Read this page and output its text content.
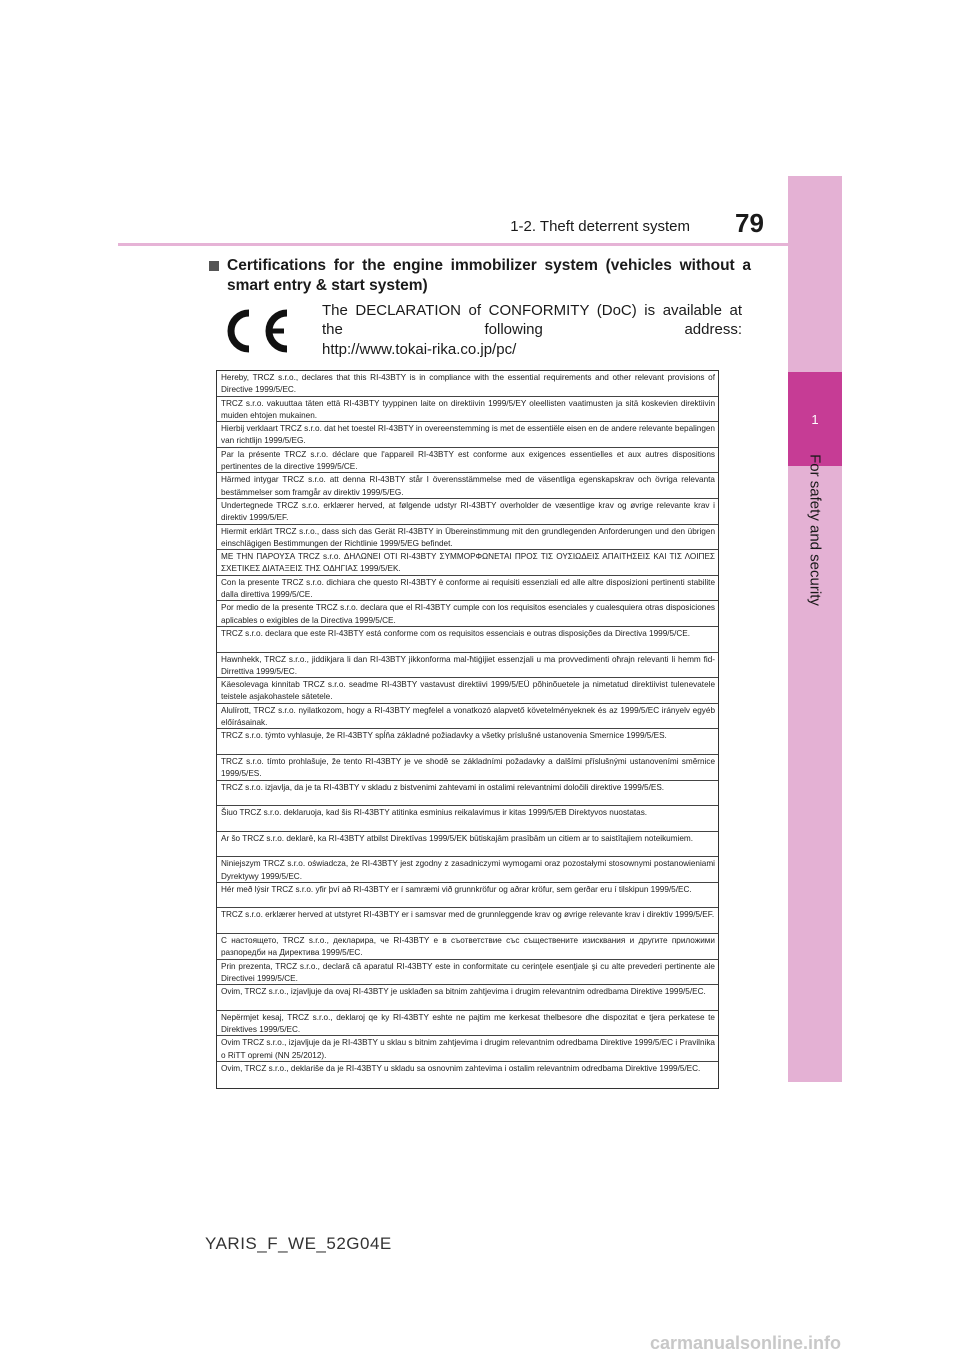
1-2. Theft deterrent system 79
1
For safety and security
Certifications for the engine immobilizer system (vehicles without a smart entry & start system)
The DECLARATION of CONFORMITY (DoC) is available at the following address:
http://www.tokai-rika.co.jp/pc/
Hereby, TRCZ s.r.o., declares that this RI-43BTY is in compliance with the essential requirements and other relevant provisions of Directive 1999/5/EC.
TRCZ s.r.o. vakuuttaa täten että RI-43BTY tyyppinen laite on direktiivin 1999/5/EY oleellisten vaatimusten ja sitä koskevien direktiivin muiden ehtojen mukainen.
Hierbij verklaart TRCZ s.r.o. dat het toestel RI-43BTY in overeenstemming is met de essentiële eisen en de andere relevante bepalingen van richtlijn 1999/5/EG.
Par la présente TRCZ s.r.o. déclare que l'appareil RI-43BTY est conforme aux exigences essentielles et aux autres dispositions pertinentes de la directive 1999/5/CE.
Härmed intygar TRCZ s.r.o. att denna RI-43BTY står I överensstämmelse med de väsentliga egenskapskrav och övriga relevanta bestämmelser som framgår av direktiv 1999/5/EG.
Undertegnede TRCZ s.r.o. erklærer herved, at følgende udstyr RI-43BTY overholder de væsentlige krav og øvrige relevante krav i direktiv 1999/5/EF.
Hiermit erklärt TRCZ s.r.o., dass sich das Gerät RI-43BTY in Übereinstimmung mit den grundlegenden Anforderungen und den übrigen einschlägigen Bestimmungen der Richtlinie 1999/5/EG befindet.
ΜΕ ΤΗΝ ΠΑΡΟΥΣΑ TRCZ s.r.o. ΔΗΛΩΝΕΙ ΟΤΙ RI-43BTY ΣΥΜΜΟΡΦΩΝΕΤΑΙ ΠΡΟΣ ΤΙΣ ΟΥΣΙΩΔΕΙΣ ΑΠΑΙΤΗΣΕΙΣ ΚΑΙ ΤΙΣ ΛΟΙΠΕΣ ΣΧΕΤΙΚΕΣ ΔΙΑΤΑΞΕΙΣ ΤΗΣ ΟΔΗΓΙΑΣ 1999/5/ΕΚ.
Con la presente TRCZ s.r.o. dichiara che questo RI-43BTY è conforme ai requisiti essenziali ed alle altre disposizioni pertinenti stabilite dalla direttiva 1999/5/CE.
Por medio de la presente TRCZ s.r.o. declara que el RI-43BTY cumple con los requisitos esenciales y cualesquiera otras disposiciones aplicables o exigibles de la Directiva 1999/5/CE.
TRCZ s.r.o. declara que este RI-43BTY está conforme com os requisitos essenciais e outras disposições da Directiva 1999/5/CE.
Hawnhekk, TRCZ s.r.o., jiddikjara li dan RI-43BTY jikkonforma mal-ħtiġijiet essenzjali u ma provvedimenti oħrajn relevanti li hemm fid-Dirrettiva 1999/5/EC.
Käesolevaga kinnitab TRCZ s.r.o. seadme RI-43BTY vastavust direktiivi 1999/5/EÜ põhinõuetele ja nimetatud direktiivist tulenevatele teistele asjakohastele sätetele.
Alulírott, TRCZ s.r.o. nyilatkozom, hogy a RI-43BTY megfelel a vonatkozó alapvető követelményeknek és az 1999/5/EC irányelv egyéb előírásainak.
TRCZ s.r.o. týmto vyhlasuje, že RI-43BTY spĺňa základné požiadavky a všetky príslušné ustanovenia Smernice 1999/5/ES.
TRCZ s.r.o. tímto prohlašuje, že tento RI-43BTY je ve shodě se základními požadavky a dalšími příslušnými ustanoveními směrnice 1999/5/ES.
TRCZ s.r.o. izjavlja, da je ta RI-43BTY v skladu z bistvenimi zahtevami in ostalimi relevantnimi določili direktive 1999/5/ES.
Šiuo TRCZ s.r.o. deklaruoja, kad šis RI-43BTY atitinka esminius reikalavimus ir kitas 1999/5/EB Direktyvos nuostatas.
Ar šo TRCZ s.r.o. deklarē, ka RI-43BTY atbilst Direktīvas 1999/5/EK būtiskajām prasībām un citiem ar to saistītajiem noteikumiem.
Niniejszym TRCZ s.r.o. oświadcza, że RI-43BTY jest zgodny z zasadniczymi wymogami oraz pozostałymi stosownymi postanowieniami Dyrektywy 1999/5/EC.
Hér með lýsir TRCZ s.r.o. yfir því að RI-43BTY er í samræmi við grunnkröfur og aðrar kröfur, sem gerðar eru í tilskipun 1999/5/EC.
TRCZ s.r.o. erklærer herved at utstyret RI-43BTY er i samsvar med de grunnleggende krav og øvrige relevante krav i direktiv 1999/5/EF.
С настоящето, TRCZ s.r.o., декларира, че RI-43BTY е в съответствие със съществените изисквания и другите приложими разпоредби на Директива 1999/5/ЕС.
Prin prezenta, TRCZ s.r.o., declară că aparatul RI-43BTY este in conformitate cu cerinţele esenţiale şi cu alte prevederi pertinente ale Directivei 1999/5/CE.
Ovim, TRCZ s.r.o., izjavljuje da ovaj RI-43BTY je usklađen sa bitnim zahtjevima i drugim relevantnim odredbama Direktive 1999/5/EC.
Nepërmjet kesaj, TRCZ s.r.o., deklaroj qe ky RI-43BTY eshte ne pajtim me kerkesat thelbesore dhe dispozitat e tjera perkatese te Direktives 1999/5/EC.
Ovim TRCZ s.r.o., izjavljuje da je RI-43BTY u sklau s bitnim zahtjevima i drugim relevantnim odredbama Direktive 1999/5/EC i Pravilnika o RiTT opremi (NN 25/2012).
Ovim, TRCZ s.r.o., deklariše da je RI-43BTY u skladu sa osnovnim zahtevima i ostalim relevantnim odredbama Direktive 1999/5/EC.
YARIS_F_WE_52G04E
carmanualsonline.info
